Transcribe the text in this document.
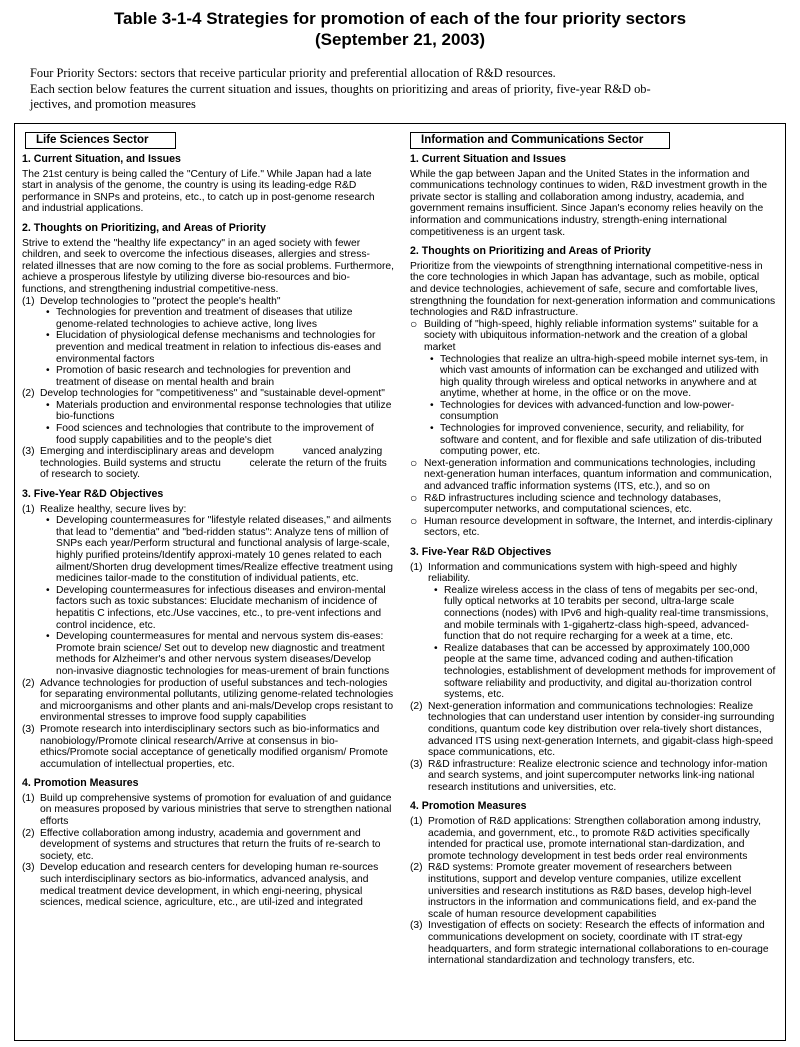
Table 3-1-4 Strategies for promotion of each of the four priority sectors
(September 21, 2003)
Four Priority Sectors: sectors that receive particular priority and preferential allocation of R&D resources.
Each section below features the current situation and issues, thoughts on prioritizing and areas of priority, five-year R&D ob-
jectives, and promotion measures
Life Sciences Sector
1. Current Situation, and Issues

The 21st century is being called the "Century of Life." While Japan had a late start in analysis of the genome, the country is using its leading-edge R&D performance in SNPs and proteins, etc., to catch up in post-genome research and industrial applications.

2. Thoughts on Prioritizing, and Areas of Priority

Strive to extend the "healthy life expectancy" in an aged society with fewer children, and seek to overcome the infectious diseases, allergies and stress-related illnesses that are now coming to the fore as social problems. Furthermore, achieve a prosperous lifestyle by utilizing diverse bio-resources and bio-functions, and strengthening industrial competitive-ness.

(1) Develop technologies to "protect the people's health"
• Technologies for prevention and treatment of diseases that utilize genome-related technologies to achieve active, long lives
• Elucidation of physiological defense mechanisms and technologies for prevention and medical treatment in relation to infectious dis-eases and environmental factors
• Promotion of basic research and technologies for prevention and treatment of disease on mental health and brain
(2) Develop technologies for "competitiveness" and "sustainable devel-opment"
• Materials production and environmental response technologies that utilize bio-functions
• Food sciences and technologies that contribute to the improvement of food supply capabilities and to the people's diet
(3) Emerging and interdisciplinary areas and developm          vanced analyzing technologies. Build systems and structu          celerate the return of the fruits of research to society.
3. Five-Year R&D Objectives
(1) Realize healthy, secure lives by:
• Developing countermeasures for "lifestyle related diseases," and ailments that lead to "dementia" and "bed-ridden status": Analyze tens of million of SNPs each year/Perform structural and functional analysis of large-scale, highly purified proteins/Identify approxi-mately 10 genes related to each ailment/Shorten drug development times/Realize effective treatment using medicines tailor-made to the constitution of individual patients, etc.
• Developing countermeasures for infectious diseases and environ-mental factors such as toxic substances: Elucidate mechanism of incidence of hepatitis C infections, etc./Use vaccines, etc., to pre-vent infections and control incidence, etc.
• Developing countermeasures for mental and nervous system dis-eases: Promote brain science/ Set out to develop new diagnostic and treatment methods for Alzheimer's and other nervous system diseases/Develop non-invasive diagnostic technologies for meas-urement of brain functions
(2) Advance technologies for production of useful substances and tech-nologies for separating environmental pollutants, utilizing genome-related technologies and microorganisms and other plants and ani-mals/Develop crops resistant to environmental stresses to improve food supply capabilities
(3) Promote research into interdisciplinary sectors such as bio-informatics and nanobiology/Promote clinical research/Arrive at consensus in bio-ethics/Promote social acceptance of genetically modified organism/ Promote accumulation of intellectual properties, etc.
4. Promotion Measures
(1) Build up comprehensive systems of promotion for evaluation of and guidance on measures proposed by various ministries that serve to strengthen national efforts
(2) Effective collaboration among industry, academia and government and development of systems and structures that return the fruits of re-search to society, etc.
(3) Develop education and research centers for developing human re-sources such interdisciplinary sectors as bio-informatics, advanced analysis, and medical treatment device development, in which engi-neering, physical sciences, medical science, agriculture, etc., are util-ized and integrated
Information and Communications Sector
1. Current Situation and Issues

While the gap between Japan and the United States in the information and communications technology continues to widen, R&D investment growth in the private sector is stalling and collaboration among industry, academia, and government remains insufficient. Since Japan's economy relies heavily on the information and communications industry, strength-ening international competitiveness is an urgent task.

2. Thoughts on Prioritizing and Areas of Priority

Prioritize from the viewpoints of strengthning international competitive-ness in the core technologies in which Japan has advantage, such as mobile, optical and device technologies, achievement of safe, secure and comfortable lives, strengthning the foundation for next-generation information and communications technologies and R&D infrastructure.

○ Building of "high-speed, highly reliable information systems" suitable for a society with ubiquitous information-network and the creation of a global market
• Technologies that realize an ultra-high-speed mobile internet sys-tem, in which vast amounts of information can be exchanged and utilized with high quality through wireless and optical networks in anywhere and at anytime, whether at home, in the office or on the move.
• Technologies for devices with advanced-function and low-power-consumption
• Technologies for improved convenience, security, and reliability, for software and content, and for flexible and safe utilization of dis-tributed computing power, etc.
○ Next-generation information and communications technologies, including next-generation human interfaces, quantum information and communication, and advanced traffic information systems (ITS, etc.), and so on
○ R&D infrastructures including science and technology databases, supercomputer networks, and computational sciences, etc.
○ Human resource development in software, the Internet, and interdis-ciplinary sectors, etc.
3. Five-Year R&D Objectives
(1) Information and communications system with high-speed and highly reliability.
• Realize wireless access in the class of tens of megabits per sec-ond, fully optical networks at 10 terabits per second, ultra-large scale connections (nodes) with IPv6 and high-quality real-time transmissions, and mobile terminals with 1-gigahertz-class high-speed, advanced-function that do not require recharging for a week at a time, etc.
• Realize databases that can be accessed by approximately 100,000 people at the same time, advanced coding and authen-tification technologies, establishment of development methods for improvement of software reliability and productivity, and digital au-thorization control systems, etc.
(2) Next-generation information and communications technologies: Realize technologies that can understand user intention by consider-ing surrounding conditions, quantum code key distribution over rela-tively short distances, advanced ITS using next-generation Internets, and gigabit-class high-speed space communications, etc.
(3) R&D infrastructure: Realize electronic science and technology infor-mation and search systems, and joint supercomputer networks link-ing national research institutions and universities, etc.
4. Promotion Measures
(1) Promotion of R&D applications: Strengthen collaboration among industry, academia, and government, etc., to promote R&D activities specifically intended for practical use, promote international stan-dardization, and promote technology development in test beds order real environments
(2) R&D systems: Promote greater movement of researchers between institutions, support and develop venture companies, utilize excellent universities and research institutions as R&D bases, develop high-level instructors in the information and communications field, and ex-pand the scale of human resource development capabilities
(3) Investigation of effects on society: Research the effects of information and communications development on society, coordinate with IT strat-egy headquarters, and form strategic international collaborations to en-courage international standardization and technology transfers, etc.
